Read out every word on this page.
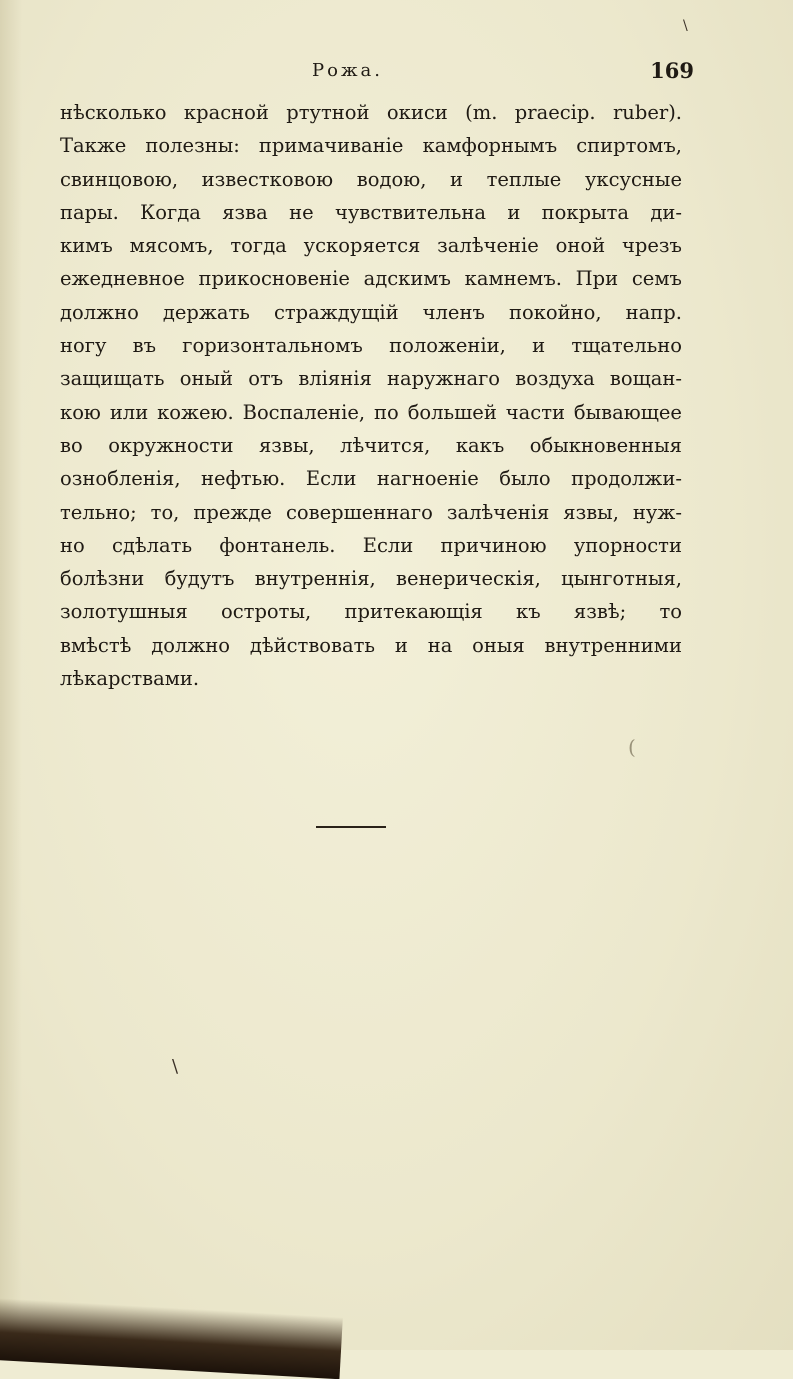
Рожа.	169
нѣсколько красной ртутной окиси (m. praecip. ruber).
Также полезны: примачиванiе камфорнымъ спиртомъ,
свинцовою, известковою водою, и теплые уксусные
пары. Когда язва не чувствительна и покрыта ди-
кимъ мясомъ, тогда ускоряется залѣченiе оной чрезъ
ежедневное прикосновенiе адскимъ камнемъ. При семъ
должно держать страждущiй членъ покойно, напр.
ногу въ горизонтальномъ положенiи, и тщательно
защищать оный отъ влiянiя наружнаго воздуха вощан-
кою или кожею. Воспаленiе, по большей части бывающее
во окружности язвы, лѣчится, какъ обыкновенныя
ознобленiя, нефтью. Если нагноенiе было продолжи-
тельно; то, прежде совершеннаго залѣченiя язвы, нуж-
но сдѣлать фонтанель. Если причиною упорности
болѣзни будутъ внутреннiя, венерическiя, цынготныя,
золотушныя остроты, притекающiя къ язвѣ; то
вмѣстѣ должно дѣйствовать и на оныя внутренними
лѣкарствами.
\
\
(
